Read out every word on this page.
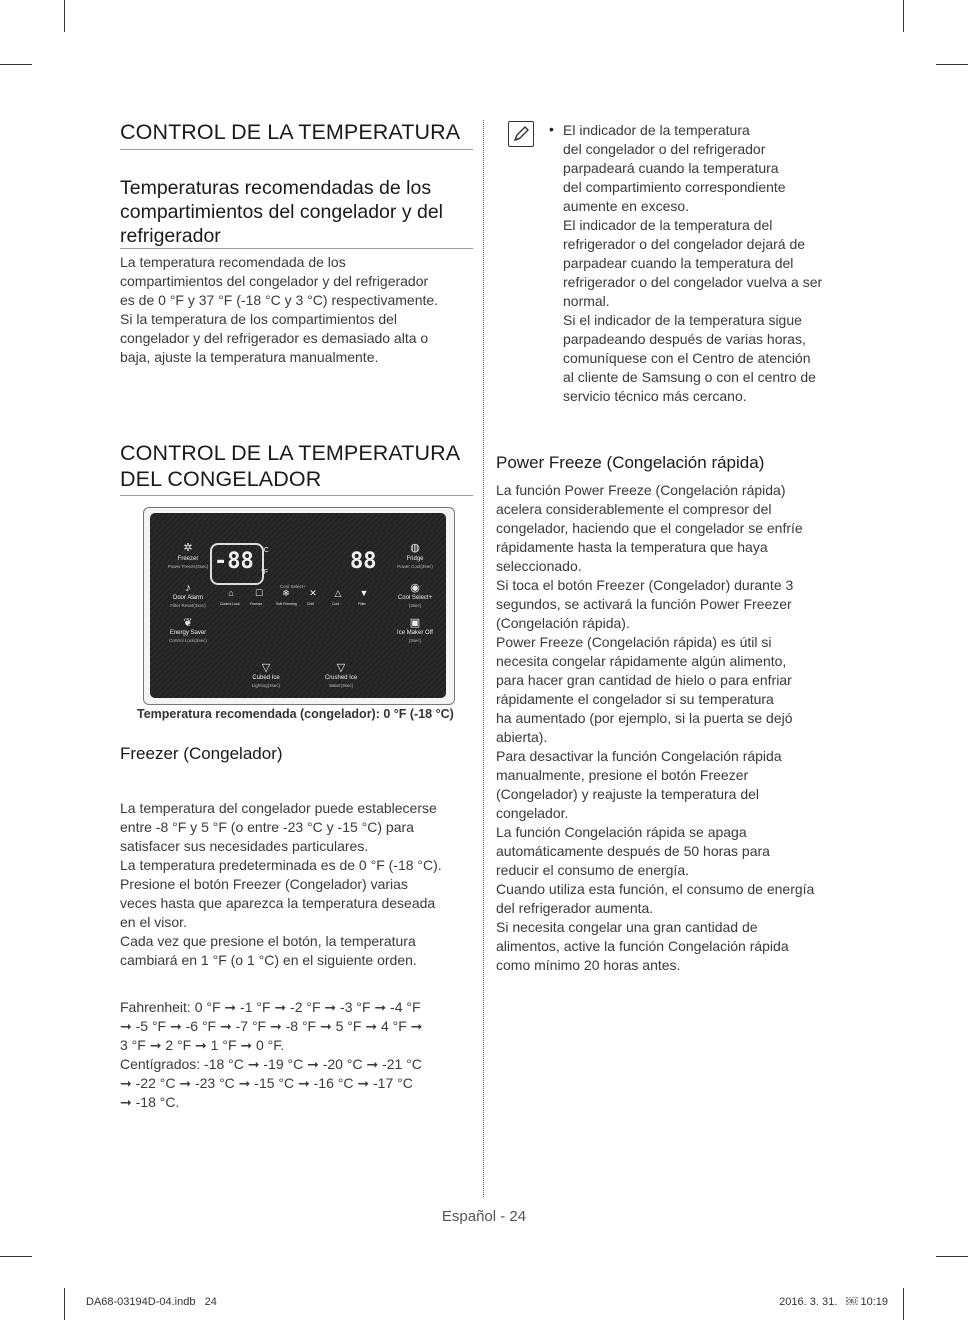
CONTROL DE LA TEMPERATURA
Temperaturas recomendadas de los
compartimientos del congelador y del
refrigerador
La temperatura recomendada de los
compartimientos del congelador y del refrigerador
es de 0 °F y 37 °F (-18 °C y 3 °C) respectivamente.
Si la temperatura de los compartimientos del
congelador y del refrigerador es demasiado alta o
baja, ajuste la temperatura manualmente.
CONTROL DE LA TEMPERATURA
DEL CONGELADOR
✲
Freezer
Power Freeze(3sec)
♪
Door Alarm
Filter Reset(3sec)
❦
Energy Saver
Control Lock(3sec)
-88 °C
°F	88
Cool Select+
⌂	☐ ❄ ✕ △ ▼
Control Lock	Freezer	Soft Freezing	Chill	Cool	Filter
◍
Fridge
Power Cool(3sec)
◉
Cool Select+
(3sec)
▣
Ice Maker Off
(3sec)
▽
Cubed Ice
Lighting(3sec)
▽
Crushed Ice
Water(3sec)
Temperatura recomendada (congelador): 0 °F (-18 °C)
Freezer (Congelador)
La temperatura del congelador puede establecerse
entre -8 °F y 5 °F (o entre -23 °C y -15 °C) para
satisfacer sus necesidades particulares.
La temperatura predeterminada es de 0 °F (-18 °C).
Presione el botón Freezer (Congelador) varias
veces hasta que aparezca la temperatura deseada
en el visor.
Cada vez que presione el botón, la temperatura
cambiará en 1 °F (o 1 °C) en el siguiente orden.
Fahrenheit: 0 °F ➞ -1 °F ➞ -2 °F ➞ -3 °F ➞ -4 °F
➞ -5 °F ➞ -6 °F ➞ -7 °F ➞ -8 °F ➞ 5 °F ➞ 4 °F ➞
3 °F ➞ 2 °F ➞ 1 °F ➞ 0 °F.
Centígrados: -18 °C ➞ -19 °C ➞ -20 °C ➞ -21 °C
➞ -22 °C ➞ -23 °C ➞ -15 °C ➞ -16 °C ➞ -17 °C
➞ -18 °C.
• El indicador de la temperatura
del congelador o del refrigerador
parpadeará cuando la temperatura
del compartimiento correspondiente
aumente en exceso.
El indicador de la temperatura del
refrigerador o del congelador dejará de
parpadear cuando la temperatura del
refrigerador o del congelador vuelva a ser
normal.
Si el indicador de la temperatura sigue
parpadeando después de varias horas,
comuníquese con el Centro de atención
al cliente de Samsung o con el centro de
servicio técnico más cercano.
Power Freeze (Congelación rápida)
La función Power Freeze (Congelación rápida)
acelera considerablemente el compresor del
congelador, haciendo que el congelador se enfríe
rápidamente hasta la temperatura que haya
seleccionado.
Si toca el botón Freezer (Congelador) durante 3
segundos, se activará la función Power Freezer
(Congelación rápida).
Power Freeze (Congelación rápida) es útil si
necesita congelar rápidamente algún alimento,
para hacer gran cantidad de hielo o para enfriar
rápidamente el congelador si su temperatura
ha aumentado (por ejemplo, si la puerta se dejó
abierta).
Para desactivar la función Congelación rápida
manualmente, presione el botón Freezer
(Congelador) y reajuste la temperatura del
congelador.
La función Congelación rápida se apaga
automáticamente después de 50 horas para
reducir el consumo de energía.
Cuando utiliza esta función, el consumo de energía
del refrigerador aumenta.
Si necesita congelar una gran cantidad de
alimentos, active la función Congelación rápida
como mínimo 20 horas antes.
Español - 24
DA68-03194D-04.indb   24	2016. 3. 31.   ￼ 10:19
